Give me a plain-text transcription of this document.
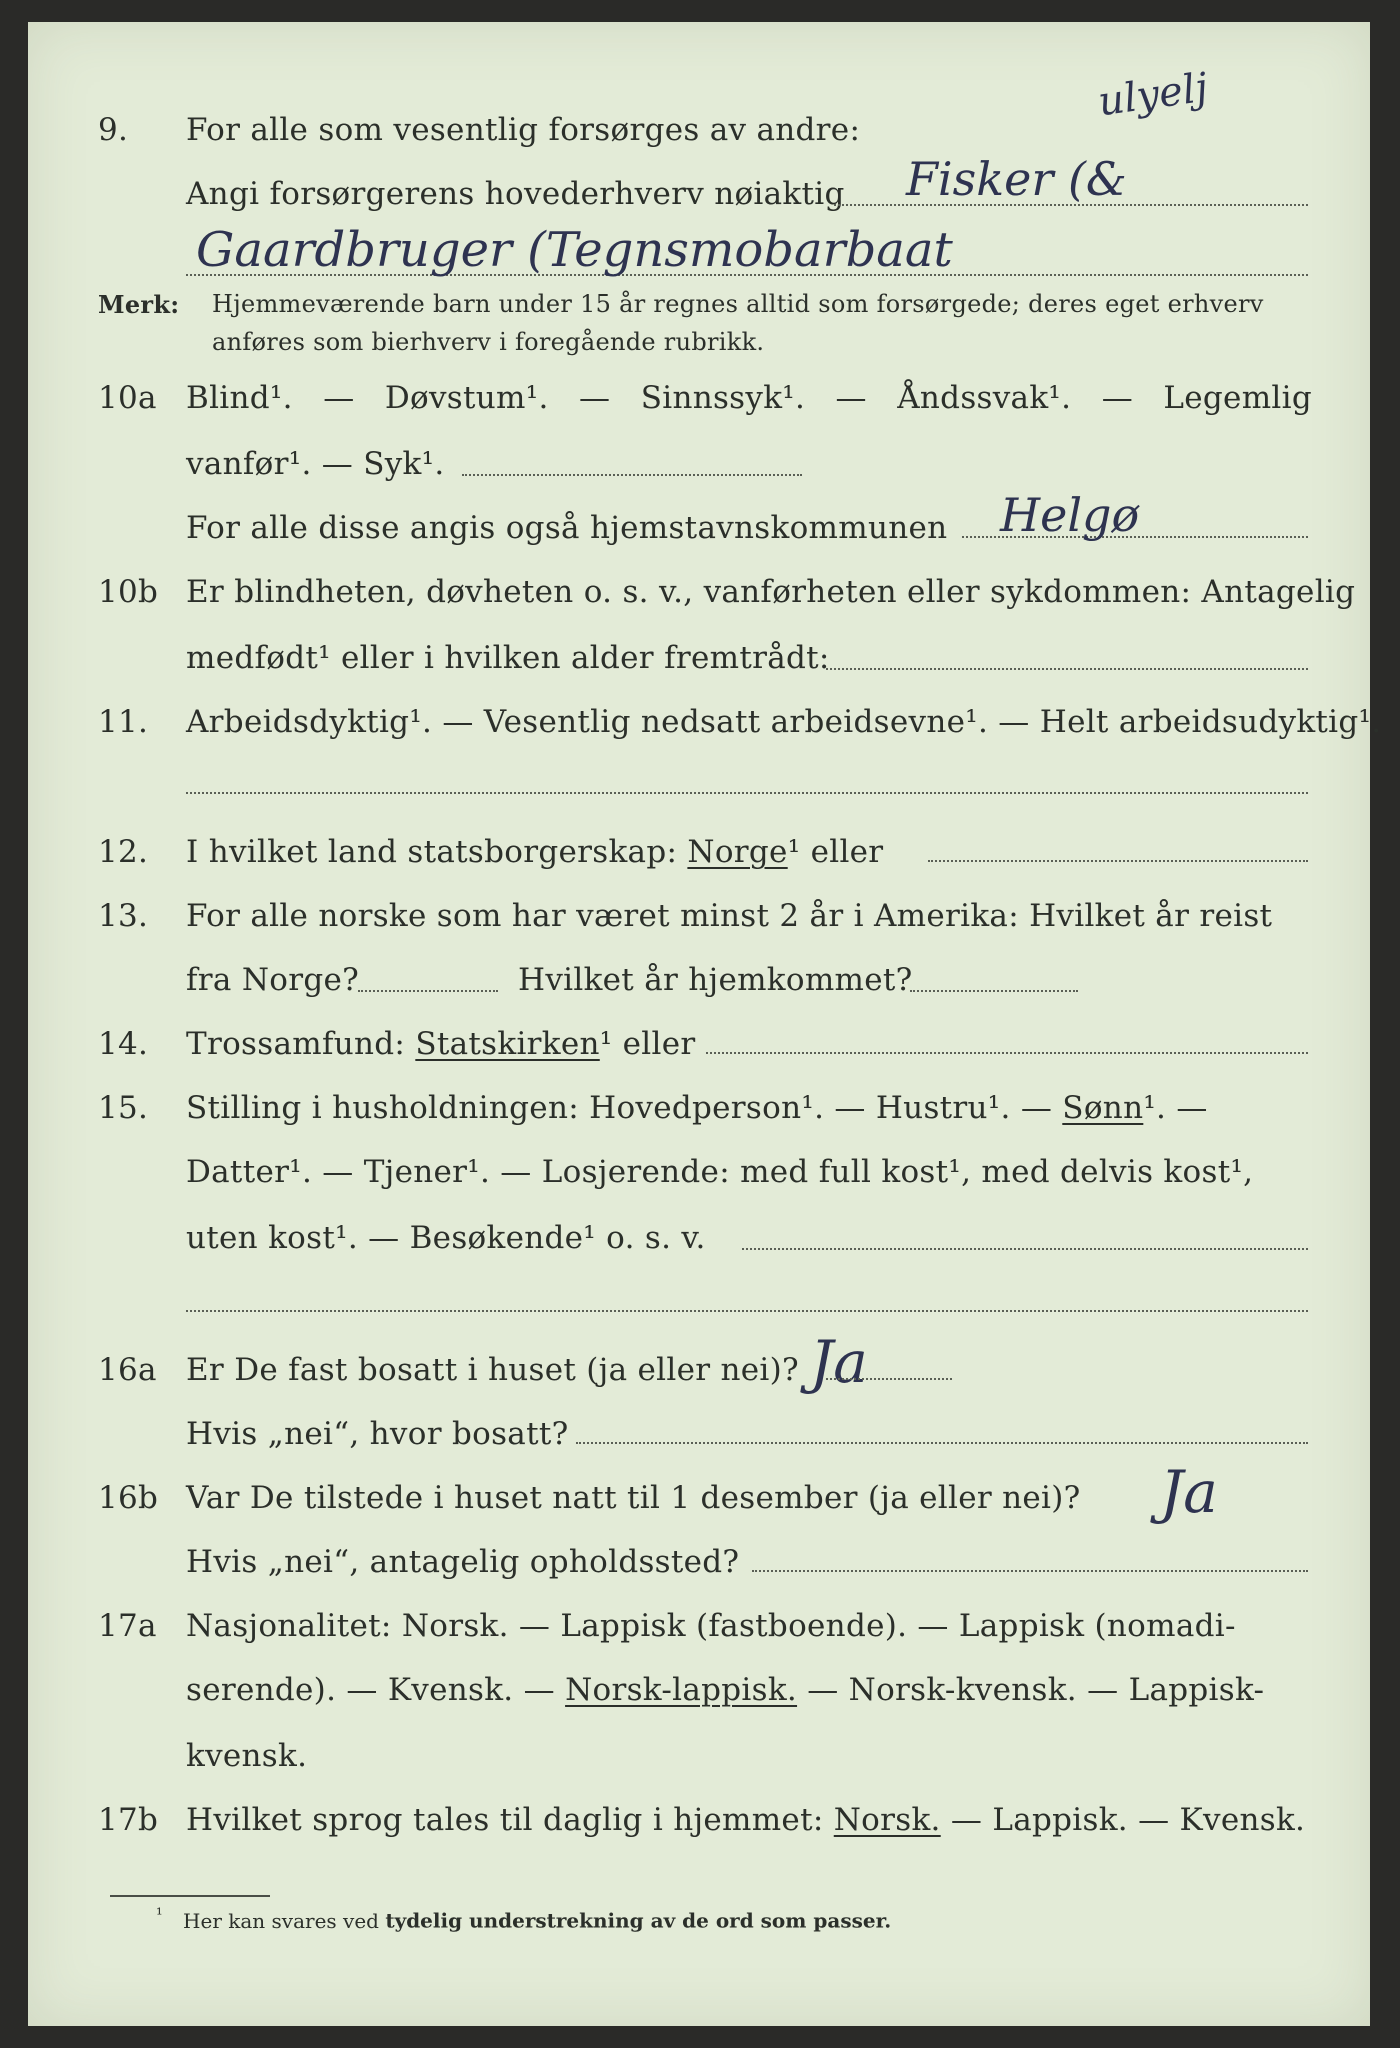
9. For alle som vesentlig forsørges av andre:
ulyelj
Angi forsørgerens hovederhverv nøiaktig Fisker (&
Gaardbruger (Tegnsmobarbaat
Merk: Hjemmeværende barn under 15 år regnes alltid som forsørgede; deres eget erhverv
anføres som bierhverv i foregående rubrikk.
10a Blind¹. — Døvstum¹. — Sinnssyk¹. — Åndssvak¹. — Legemlig
vanfør¹. — Syk¹.
For alle disse angis også hjemstavnskommunen Helgø
10b Er blindheten, døvheten o. s. v., vanførheten eller sykdommen: Antagelig
medfødt¹ eller i hvilken alder fremtrådt:
11. Arbeidsdyktig¹. — Vesentlig nedsatt arbeidsevne¹. — Helt arbeidsudyktig¹.
12. I hvilket land statsborgerskap: Norge¹ eller
13. For alle norske som har været minst 2 år i Amerika: Hvilket år reist
fra Norge?	Hvilket år hjemkommet?
14. Trossamfund: Statskirken¹ eller
15. Stilling i husholdningen: Hovedperson¹. — Hustru¹. — Sønn¹. —
Datter¹. — Tjener¹. — Losjerende: med full kost¹, med delvis kost¹,
uten kost¹. — Besøkende¹ o. s. v.
16a Er De fast bosatt i huset (ja eller nei)? Ja
Hvis „nei“, hvor bosatt?
16b Var De tilstede i huset natt til 1 desember (ja eller nei)? Ja
Hvis „nei“, antagelig opholdssted?
17a Nasjonalitet: Norsk. — Lappisk (fastboende). — Lappisk (nomadi-
serende). — Kvensk. — Norsk-lappisk. — Norsk-kvensk. — Lappisk-
kvensk.
17b Hvilket sprog tales til daglig i hjemmet: Norsk. — Lappisk. — Kvensk.
$^{^1}$ Her kan svares ved tydelig understrekning av de ord som passer.
